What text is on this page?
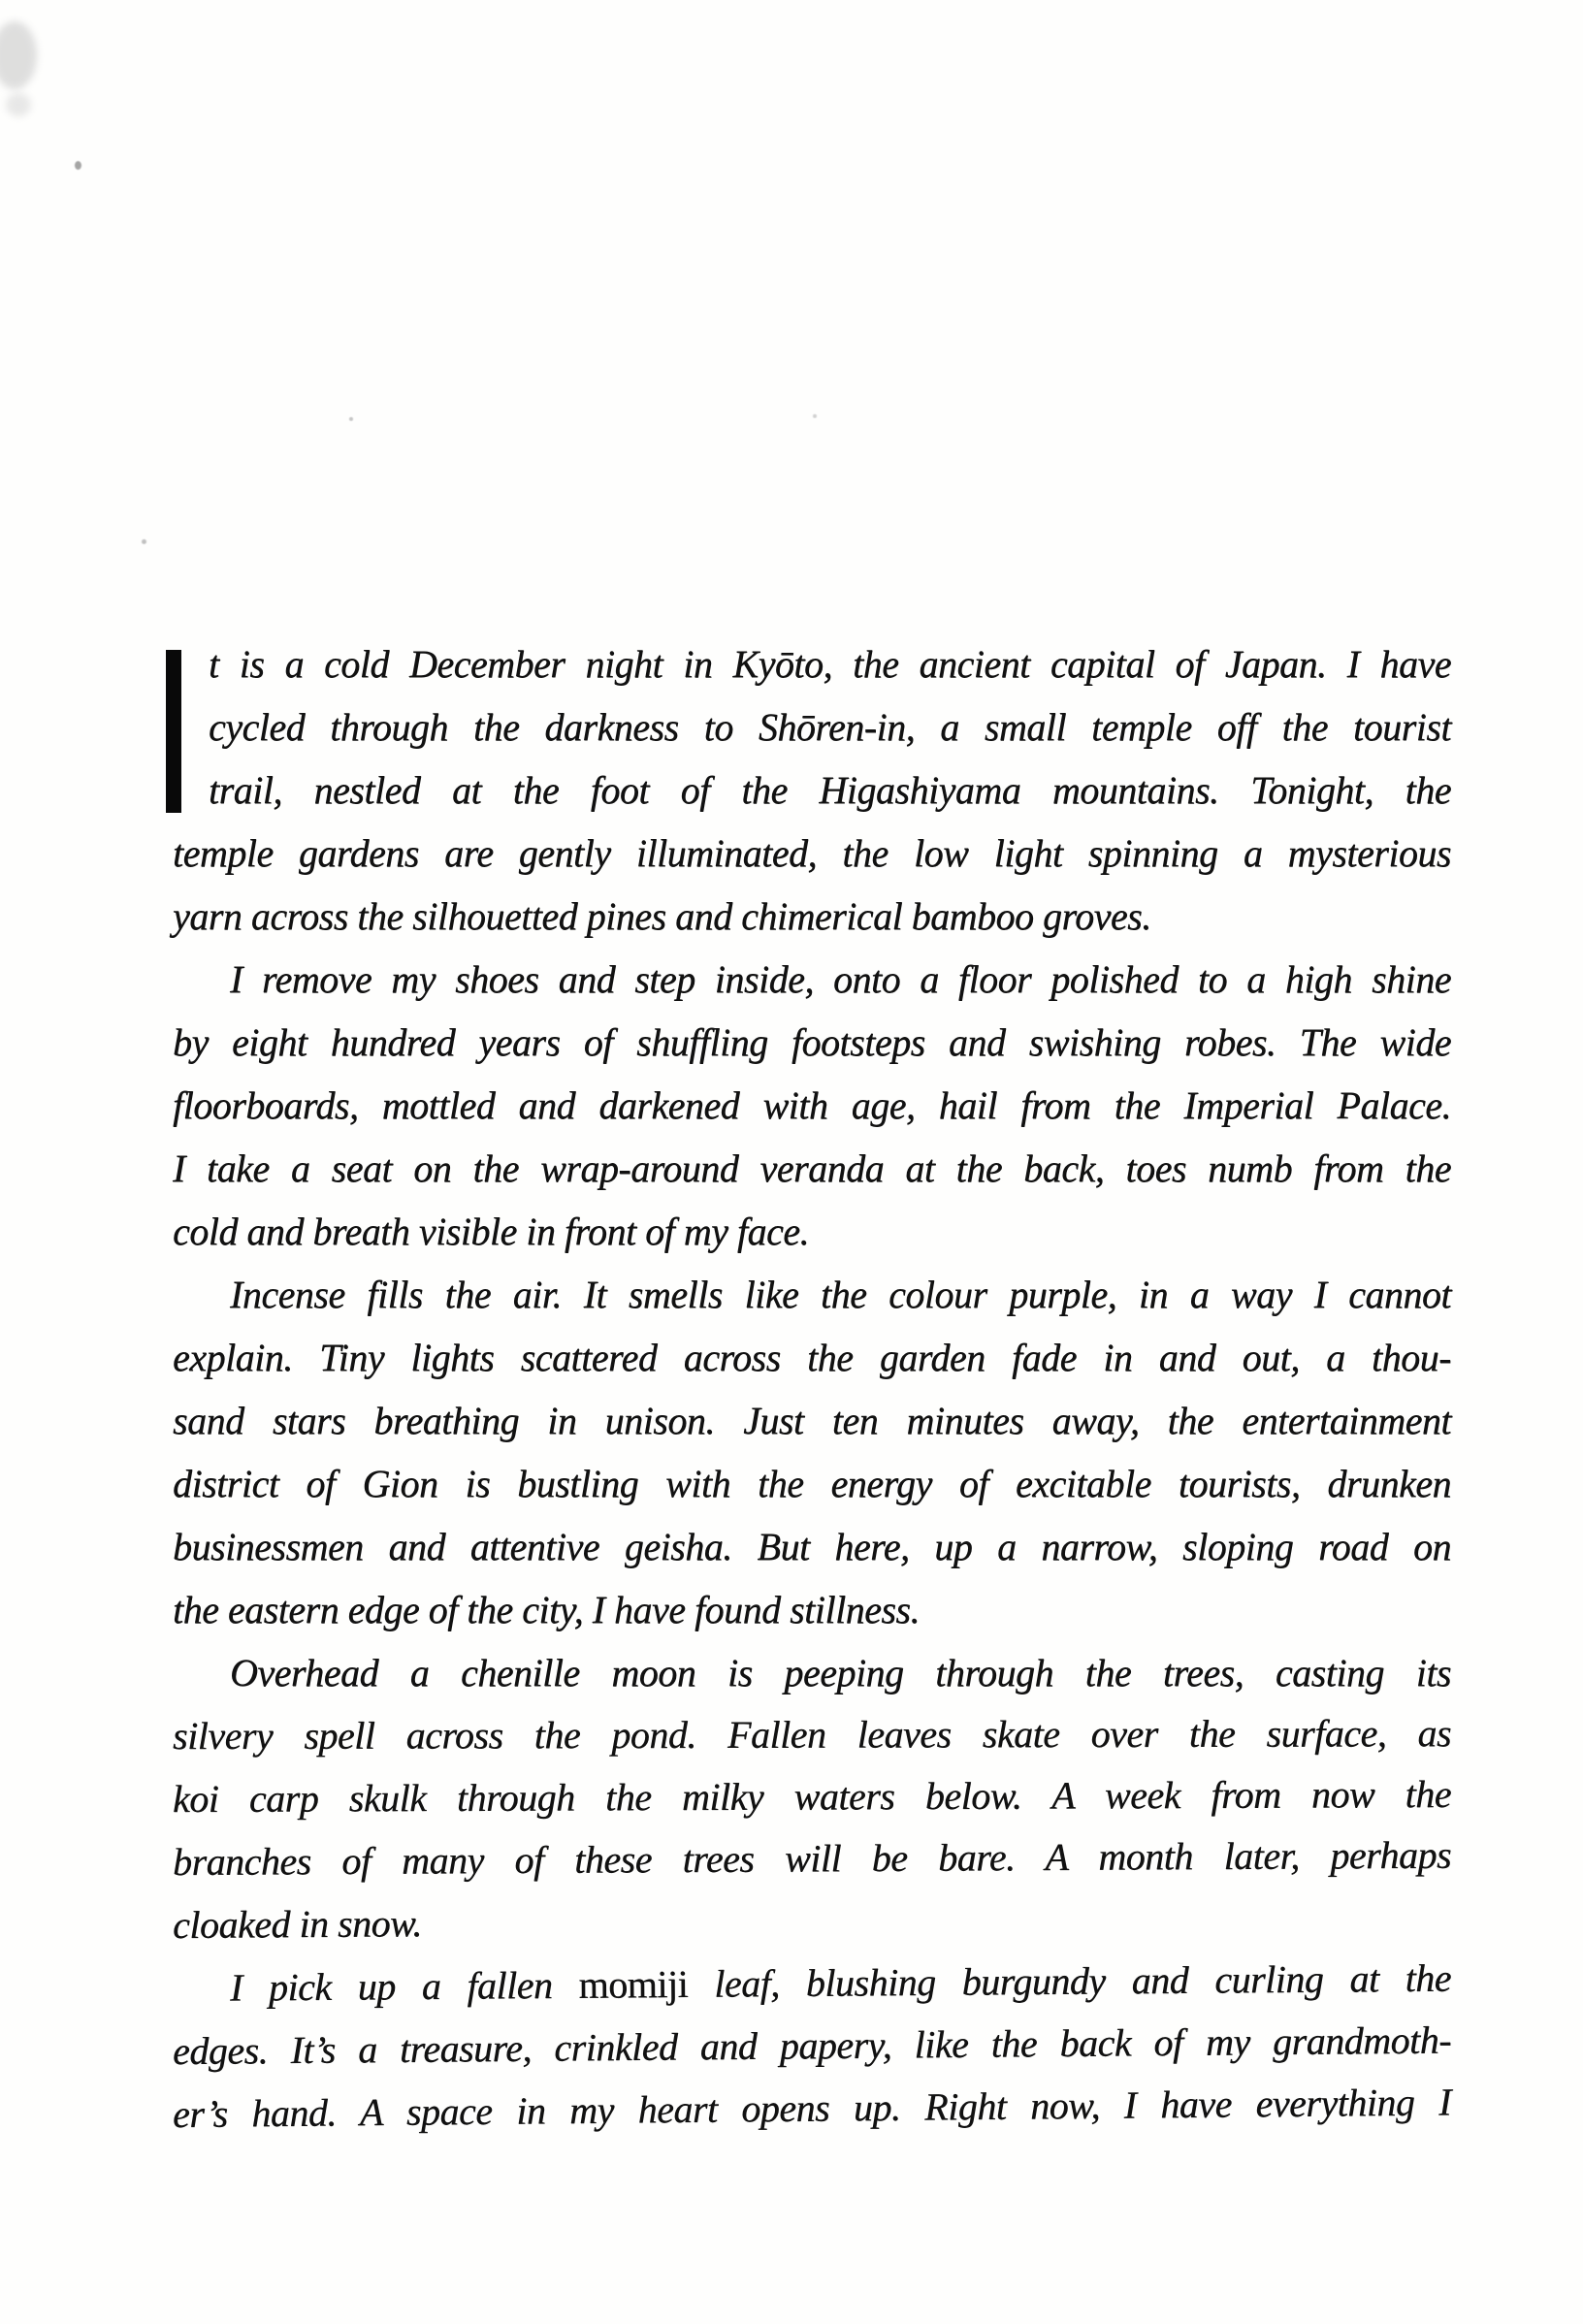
t is a cold December night in Kyōto, the ancient capital of Japan. I have
cycled through the darkness to Shōren-in, a small temple off the tourist
trail, nestled at the foot of the Higashiyama mountains. Tonight, the
temple gardens are gently illuminated, the low light spinning a mysterious
yarn across the silhouetted pines and chimerical bamboo groves.
I remove my shoes and step inside, onto a floor polished to a high shine
by eight hundred years of shuffling footsteps and swishing robes. The wide
floorboards, mottled and darkened with age, hail from the Imperial Palace.
I take a seat on the wrap-around veranda at the back, toes numb from the
cold and breath visible in front of my face.
Incense fills the air. It smells like the colour purple, in a way I cannot
explain. Tiny lights scattered across the garden fade in and out, a thou-
sand stars breathing in unison. Just ten minutes away, the entertainment
district of Gion is bustling with the energy of excitable tourists, drunken
businessmen and attentive geisha. But here, up a narrow, sloping road on
the eastern edge of the city, I have found stillness.
Overhead a chenille moon is peeping through the trees, casting its
silvery spell across the pond. Fallen leaves skate over the surface, as
koi carp skulk through the milky waters below. A week from now the
branches of many of these trees will be bare. A month later, perhaps
cloaked in snow.
I pick up a fallen momiji leaf, blushing burgundy and curling at the
edges. It’s a treasure, crinkled and papery, like the back of my grandmoth-
er’s hand. A space in my heart opens up. Right now, I have everything I
